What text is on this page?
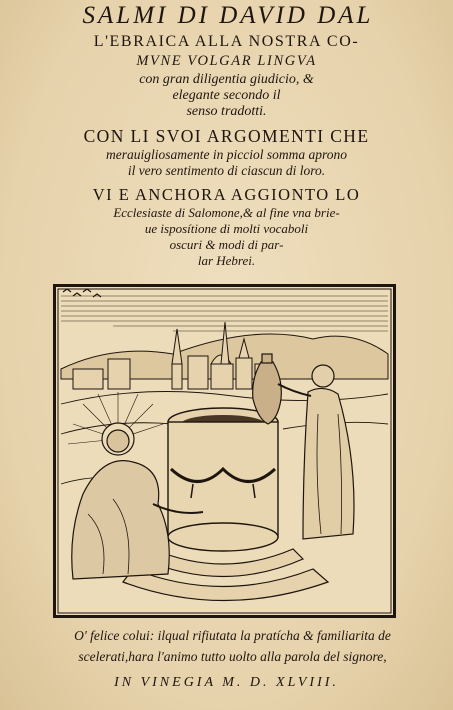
SALMI DI DAVID DAL
L'EBRAICA ALLA NOSTRA CO-
MVNE VOLGAR LINGVA
con gran diligentia giudicio, &
elegante secondo il
senso tradotti.
CON LI SVOI ARGOMENTI CHE
merauigliosamente in picciol somma aprono
il vero sentimento di ciascun di loro.
VI E ANCHORA AGGIONTO LO
Ecclesiaste di Salomone,& al fine vna brie-
ue isposítione di molti vocaboli
oscuri & modi di par-
lar Hebrei.
O' felice colui: ilqual rifiutata la pratícha & familiarita de
scelerati,hara l'animo tutto uolto alla parola del signore,
IN VINEGIA M. D. XLVIII.
